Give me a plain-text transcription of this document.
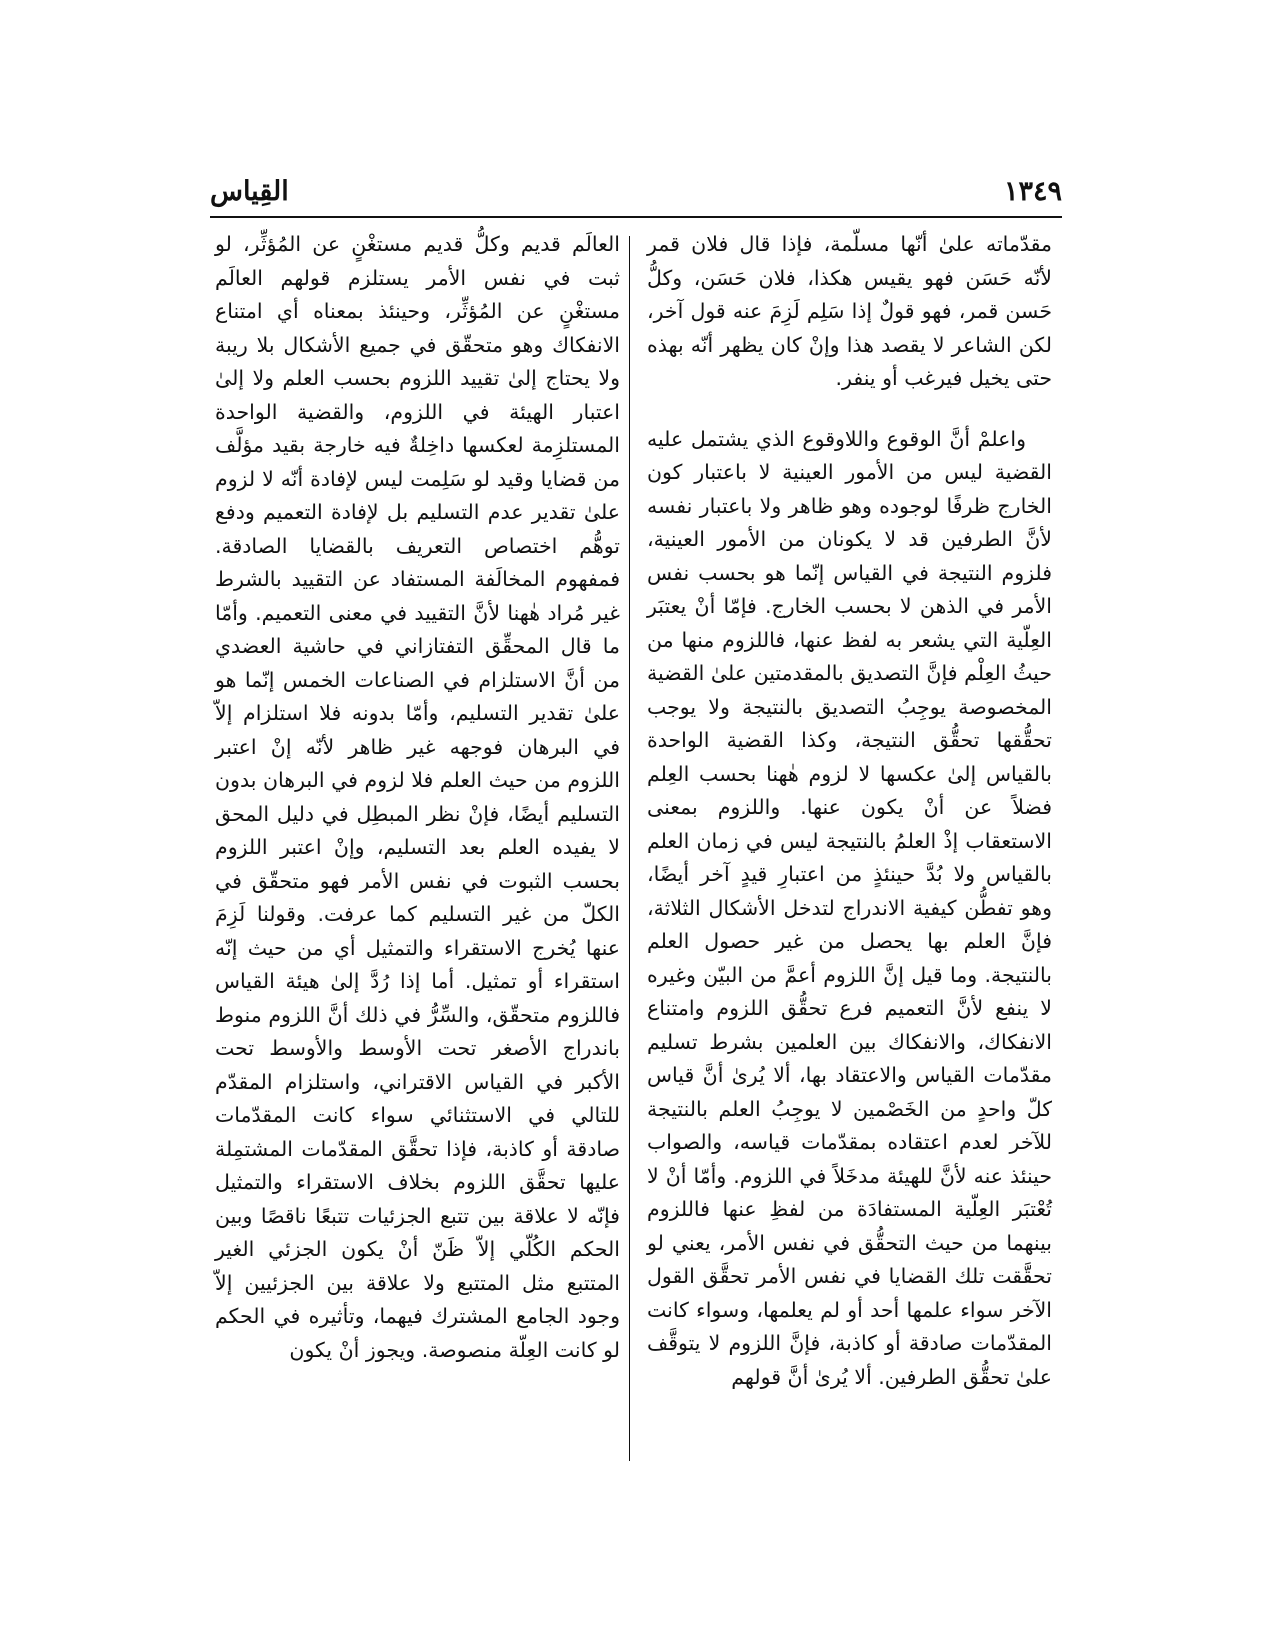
القِياس	١٣٤٩

مقدّماته علىٰ أنّها مسلّمة، فإذا قال فلان قمر لأنّه حَسَن فهو يقيس هكذا، فلان حَسَن، وكلُّ حَسن قمر، فهو قولٌ إذا سَلِم لَزِمَ عنه قول آخر، لكن الشاعر لا يقصد هذا وإنْ كان يظهر أنّه بهذه حتى يخيل فيرغب أو ينفر.

واعلمْ أنَّ الوقوع واللاوقوع الذي يشتمل عليه القضية ليس من الأمور العينية لا باعتبار كون الخارج ظرفًا لوجوده وهو ظاهر ولا باعتبار نفسه لأنَّ الطرفين قد لا يكونان من الأمور العينية، فلزوم النتيجة في القياس إنّما هو بحسب نفس الأمر في الذهن لا بحسب الخارج. فإمّا أنْ يعتبَر العِلّية التي يشعر به لفظ عنها، فاللزوم منها من حيثُ العِلْم فإنَّ التصديق بالمقدمتين علىٰ القضية المخصوصة يوجِبُ التصديق بالنتيجة ولا يوجب تحقُّقها تحقُّق النتيجة، وكذا القضية الواحدة بالقياس إلىٰ عكسها لا لزوم هٰهنا بحسب العِلم فضلاً عن أنْ يكون عنها. واللزوم بمعنى الاستعقاب إذْ العلمُ بالنتيجة ليس في زمان العلم بالقياس ولا بُدَّ حينئذٍ من اعتبارِ قيدٍ آخر أيضًا، وهو تفطُّن كيفية الاندراج لتدخل الأشكال الثلاثة، فإنَّ العلم بها يحصل من غير حصول العلم بالنتيجة. وما قيل إنَّ اللزوم أعمَّ من البيّن وغيره لا ينفع لأنَّ التعميم فرع تحقُّق اللزوم وامتناع الانفكاك، والانفكاك بين العلمين بشرط تسليم مقدّمات القياس والاعتقاد بها، ألا يُرىٰ أنَّ قياس كلّ واحدٍ من الخَصْمين لا يوجِبُ العلم بالنتيجة للآخر لعدم اعتقاده بمقدّمات قياسه، والصواب حينئذ عنه لأنَّ للهيئة مدخَلاً في اللزوم. وأمّا أنْ لا تُعْتبَر العِلّية المستفادَة من لفظِ عنها فاللزوم بينهما من حيث التحقُّق في نفس الأمر، يعني لو تحقَّقت تلك القضايا في نفس الأمر تحقَّق القول الآخر سواء علمها أحد أو لم يعلمها، وسواء كانت المقدّمات صادقة أو كاذبة، فإنَّ اللزوم لا يتوقَّف علىٰ تحقُّق الطرفين. ألا يُرىٰ أنَّ قولهم

العالَم قديم وكلُّ قديم مستغْنٍ عن المُؤثِّر، لو ثبت في نفس الأمر يستلزم قولهم العالَم مستغْنٍ عن المُؤثِّر، وحينئذ بمعناه أي امتناع الانفكاك وهو متحقّق في جميع الأشكال بلا ريبة ولا يحتاج إلىٰ تقييد اللزوم بحسب العلم ولا إلىٰ اعتبار الهيئة في اللزوم، والقضية الواحدة المستلزِمة لعكسها داخِلةٌ فيه خارجة بقيد مؤلَّف من قضايا وقيد لو سَلِمت ليس لإفادة أنّه لا لزوم علىٰ تقدير عدم التسليم بل لإفادة التعميم ودفع توهُّم اختصاص التعريف بالقضايا الصادقة. فمفهوم المخالَفة المستفاد عن التقييد بالشرط غير مُراد هٰهنا لأنَّ التقييد في معنى التعميم. وأمّا ما قال المحقِّق التفتازاني في حاشية العضدي من أنَّ الاستلزام في الصناعات الخمس إنّما هو علىٰ تقدير التسليم، وأمّا بدونه فلا استلزام إلاّ في البرهان فوجهه غير ظاهر لأنّه إنْ اعتبر اللزوم من حيث العلم فلا لزوم في البرهان بدون التسليم أيضًا، فإنْ نظر المبطِل في دليل المحق لا يفيده العلم بعد التسليم، وإنْ اعتبر اللزوم بحسب الثبوت في نفس الأمر فهو متحقّق في الكلّ من غير التسليم كما عرفت. وقولنا لَزِمَ عنها يُخرج الاستقراء والتمثيل أي من حيث إنّه استقراء أو تمثيل. أما إذا رُدَّ إلىٰ هيئة القياس فاللزوم متحقّق، والسِّرُّ في ذلك أنَّ اللزوم منوط باندراج الأصغر تحت الأوسط والأوسط تحت الأكبر في القياس الاقتراني، واستلزام المقدّم للتالي في الاستثنائي سواء كانت المقدّمات صادقة أو كاذبة، فإذا تحقَّق المقدّمات المشتمِلة عليها تحقَّق اللزوم بخلاف الاستقراء والتمثيل فإنّه لا علاقة بين تتبع الجزئيات تتبعًا ناقصًا وبين الحكم الكُلّي إلاّ ظَنّ أنْ يكون الجزئي الغير المتتبع مثل المتتبع ولا علاقة بين الجزئيين إلاّ وجود الجامع المشترك فيهما، وتأثيره في الحكم لو كانت العِلّة منصوصة. ويجوز أنْ يكون
